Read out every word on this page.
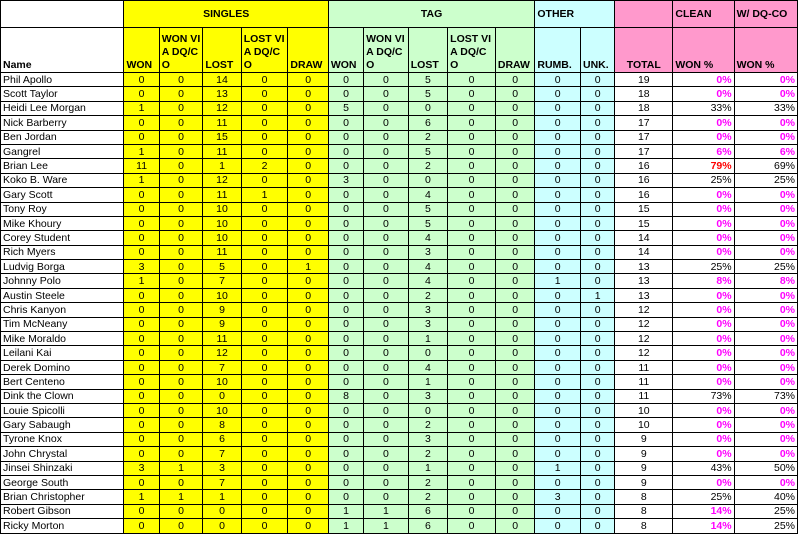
	SINGLES					TAG					OTHER			CLEAN	W/ DQ-CO
Name	WON	WON VIA DQ/CO	LOST	LOST VIA DQ/CO	DRAW	WON	WON VIA DQ/CO	LOST	LOST VIA DQ/CO	DRAW	RUMB.	UNK.	TOTAL	WON %	WON %
Phil Apollo	0	0	14	0	0	0	0	5	0	0	0	0	19	0%	0%
Scott Taylor	0	0	13	0	0	0	0	5	0	0	0	0	18	0%	0%
Heidi Lee Morgan	1	0	12	0	0	5	0	0	0	0	0	0	18	33%	33%
Nick Barberry	0	0	11	0	0	0	0	6	0	0	0	0	17	0%	0%
Ben Jordan	0	0	15	0	0	0	0	2	0	0	0	0	17	0%	0%
Gangrel	1	0	11	0	0	0	0	5	0	0	0	0	17	6%	6%
Brian Lee	11	0	1	2	0	0	0	2	0	0	0	0	16	79%	69%
Koko B. Ware	1	0	12	0	0	3	0	0	0	0	0	0	16	25%	25%
Gary Scott	0	0	11	1	0	0	0	4	0	0	0	0	16	0%	0%
Tony Roy	0	0	10	0	0	0	0	5	0	0	0	0	15	0%	0%
Mike Khoury	0	0	10	0	0	0	0	5	0	0	0	0	15	0%	0%
Corey Student	0	0	10	0	0	0	0	4	0	0	0	0	14	0%	0%
Rich Myers	0	0	11	0	0	0	0	3	0	0	0	0	14	0%	0%
Ludvig Borga	3	0	5	0	1	0	0	4	0	0	0	0	13	25%	25%
Johnny Polo	1	0	7	0	0	0	0	4	0	0	1	0	13	8%	8%
Austin Steele	0	0	10	0	0	0	0	2	0	0	0	1	13	0%	0%
Chris Kanyon	0	0	9	0	0	0	0	3	0	0	0	0	12	0%	0%
Tim McNeany	0	0	9	0	0	0	0	3	0	0	0	0	12	0%	0%
Mike Moraldo	0	0	11	0	0	0	0	1	0	0	0	0	12	0%	0%
Leilani Kai	0	0	12	0	0	0	0	0	0	0	0	0	12	0%	0%
Derek Domino	0	0	7	0	0	0	0	4	0	0	0	0	11	0%	0%
Bert Centeno	0	0	10	0	0	0	0	1	0	0	0	0	11	0%	0%
Dink the Clown	0	0	0	0	0	8	0	3	0	0	0	0	11	73%	73%
Louie Spicolli	0	0	10	0	0	0	0	0	0	0	0	0	10	0%	0%
Gary Sabaugh	0	0	8	0	0	0	0	2	0	0	0	0	10	0%	0%
Tyrone Knox	0	0	6	0	0	0	0	3	0	0	0	0	9	0%	0%
John Chrystal	0	0	7	0	0	0	0	2	0	0	0	0	9	0%	0%
Jinsei Shinzaki	3	1	3	0	0	0	0	1	0	0	1	0	9	43%	50%
George South	0	0	7	0	0	0	0	2	0	0	0	0	9	0%	0%
Brian Christopher	1	1	1	0	0	0	0	2	0	0	3	0	8	25%	40%
Robert Gibson	0	0	0	0	0	1	1	6	0	0	0	0	8	14%	25%
Ricky Morton	0	0	0	0	0	1	1	6	0	0	0	0	8	14%	25%
